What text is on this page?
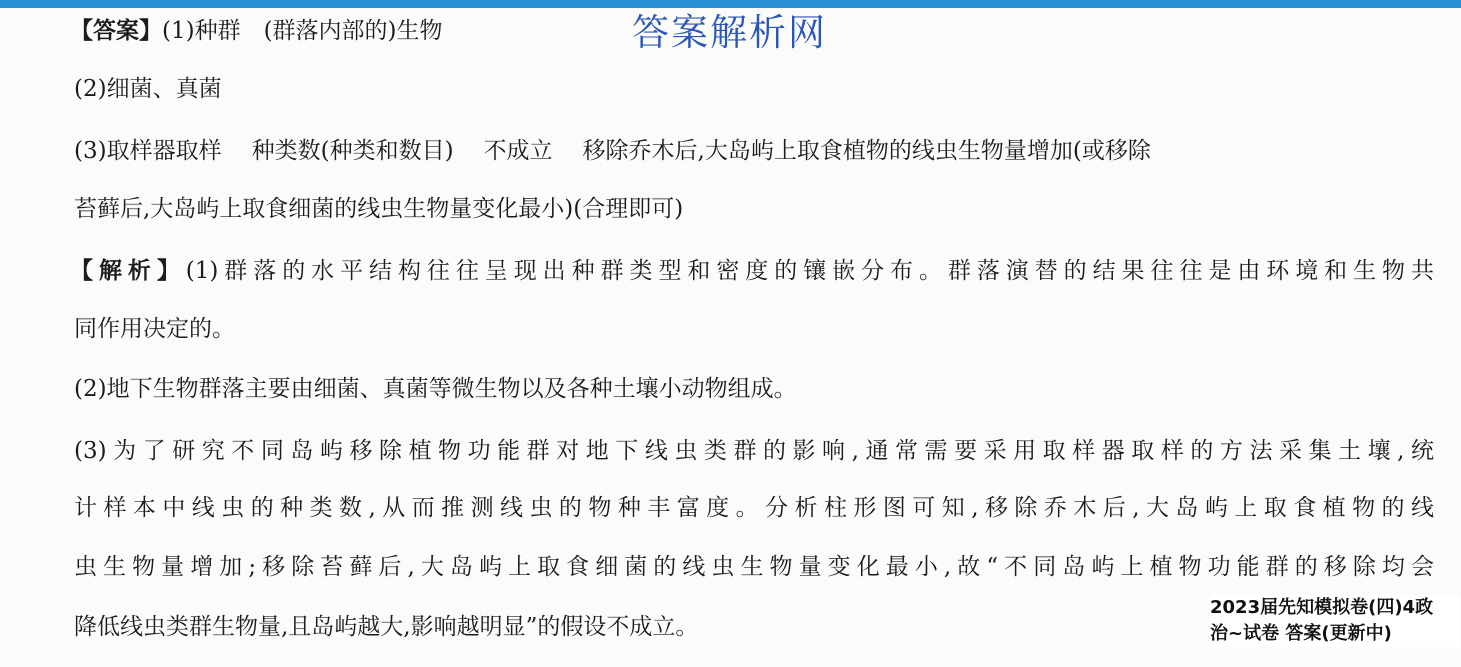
答案解析网
【答案】(1)种群　(群落内部的)生物
(2)细菌、真菌
(3)取样器取样 种类数(种类和数目) 不成立 移除乔木后,大岛屿上取食植物的线虫生物量增加(或移除
苔藓后,大岛屿上取食细菌的线虫生物量变化最小)(合理即可)
【解析】(1)群落的水平结构往往呈现出种群类型和密度的镶嵌分布。群落演替的结果往往是由环境和生物共
同作用决定的。
(2)地下生物群落主要由细菌、真菌等微生物以及各种土壤小动物组成。
(3)为了研究不同岛屿移除植物功能群对地下线虫类群的影响,通常需要采用取样器取样的方法采集土壤,统
计样本中线虫的种类数,从而推测线虫的物种丰富度。分析柱形图可知,移除乔木后,大岛屿上取食植物的线
虫生物量增加;移除苔藓后,大岛屿上取食细菌的线虫生物量变化最小,故“不同岛屿上植物功能群的移除均会
降低线虫类群生物量,且岛屿越大,影响越明显”的假设不成立。
2023届先知模拟卷(四)4政
治~试卷 答案(更新中)
